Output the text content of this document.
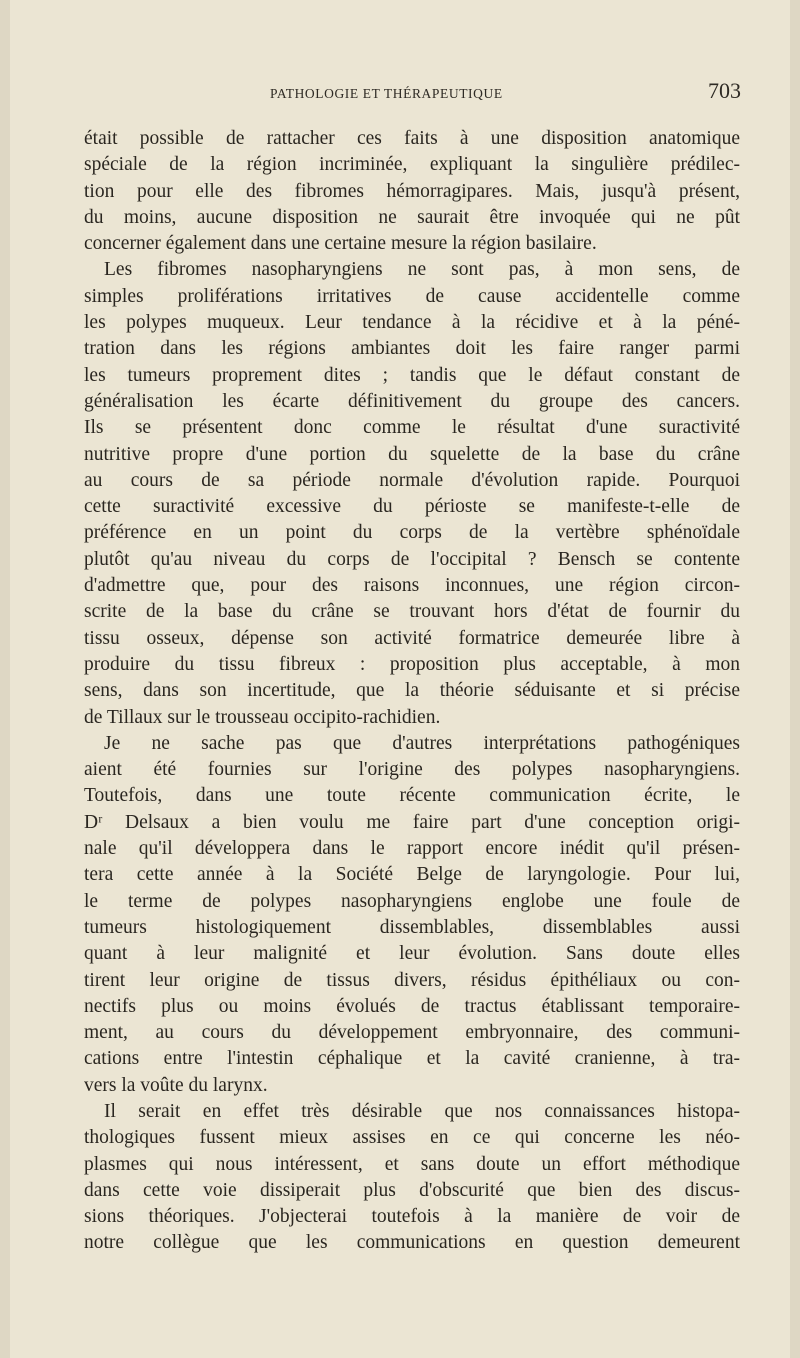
PATHOLOGIE ET THÉRAPEUTIQUE	703
était possible de rattacher ces faits à une disposition anatomique
spéciale de la région incriminée, expliquant la singulière prédilec-
tion pour elle des fibromes hémorragipares. Mais, jusqu'à présent,
du moins, aucune disposition ne saurait être invoquée qui ne pût
concerner également dans une certaine mesure la région basilaire.
Les fibromes nasopharyngiens ne sont pas, à mon sens, de
simples proliférations irritatives de cause accidentelle comme
les polypes muqueux. Leur tendance à la récidive et à la péné-
tration dans les régions ambiantes doit les faire ranger parmi
les tumeurs proprement dites ; tandis que le défaut constant de
généralisation les écarte définitivement du groupe des cancers.
Ils se présentent donc comme le résultat d'une suractivité
nutritive propre d'une portion du squelette de la base du crâne
au cours de sa période normale d'évolution rapide. Pourquoi
cette suractivité excessive du périoste se manifeste-t-elle de
préférence en un point du corps de la vertèbre sphénoïdale
plutôt qu'au niveau du corps de l'occipital ? Bensch se contente
d'admettre que, pour des raisons inconnues, une région circon-
scrite de la base du crâne se trouvant hors d'état de fournir du
tissu osseux, dépense son activité formatrice demeurée libre à
produire du tissu fibreux : proposition plus acceptable, à mon
sens, dans son incertitude, que la théorie séduisante et si précise
de Tillaux sur le trousseau occipito-rachidien.
Je ne sache pas que d'autres interprétations pathogéniques
aient été fournies sur l'origine des polypes nasopharyngiens.
Toutefois, dans une toute récente communication écrite, le
Dʳ Delsaux a bien voulu me faire part d'une conception origi-
nale qu'il développera dans le rapport encore inédit qu'il présen-
tera cette année à la Société Belge de laryngologie. Pour lui,
le terme de polypes nasopharyngiens englobe une foule de
tumeurs histologiquement dissemblables, dissemblables aussi
quant à leur malignité et leur évolution. Sans doute elles
tirent leur origine de tissus divers, résidus épithéliaux ou con-
nectifs plus ou moins évolués de tractus établissant temporaire-
ment, au cours du développement embryonnaire, des communi-
cations entre l'intestin céphalique et la cavité cranienne, à tra-
vers la voûte du larynx.
Il serait en effet très désirable que nos connaissances histopa-
thologiques fussent mieux assises en ce qui concerne les néo-
plasmes qui nous intéressent, et sans doute un effort méthodique
dans cette voie dissiperait plus d'obscurité que bien des discus-
sions théoriques. J'objecterai toutefois à la manière de voir de
notre collègue que les communications en question demeurent
